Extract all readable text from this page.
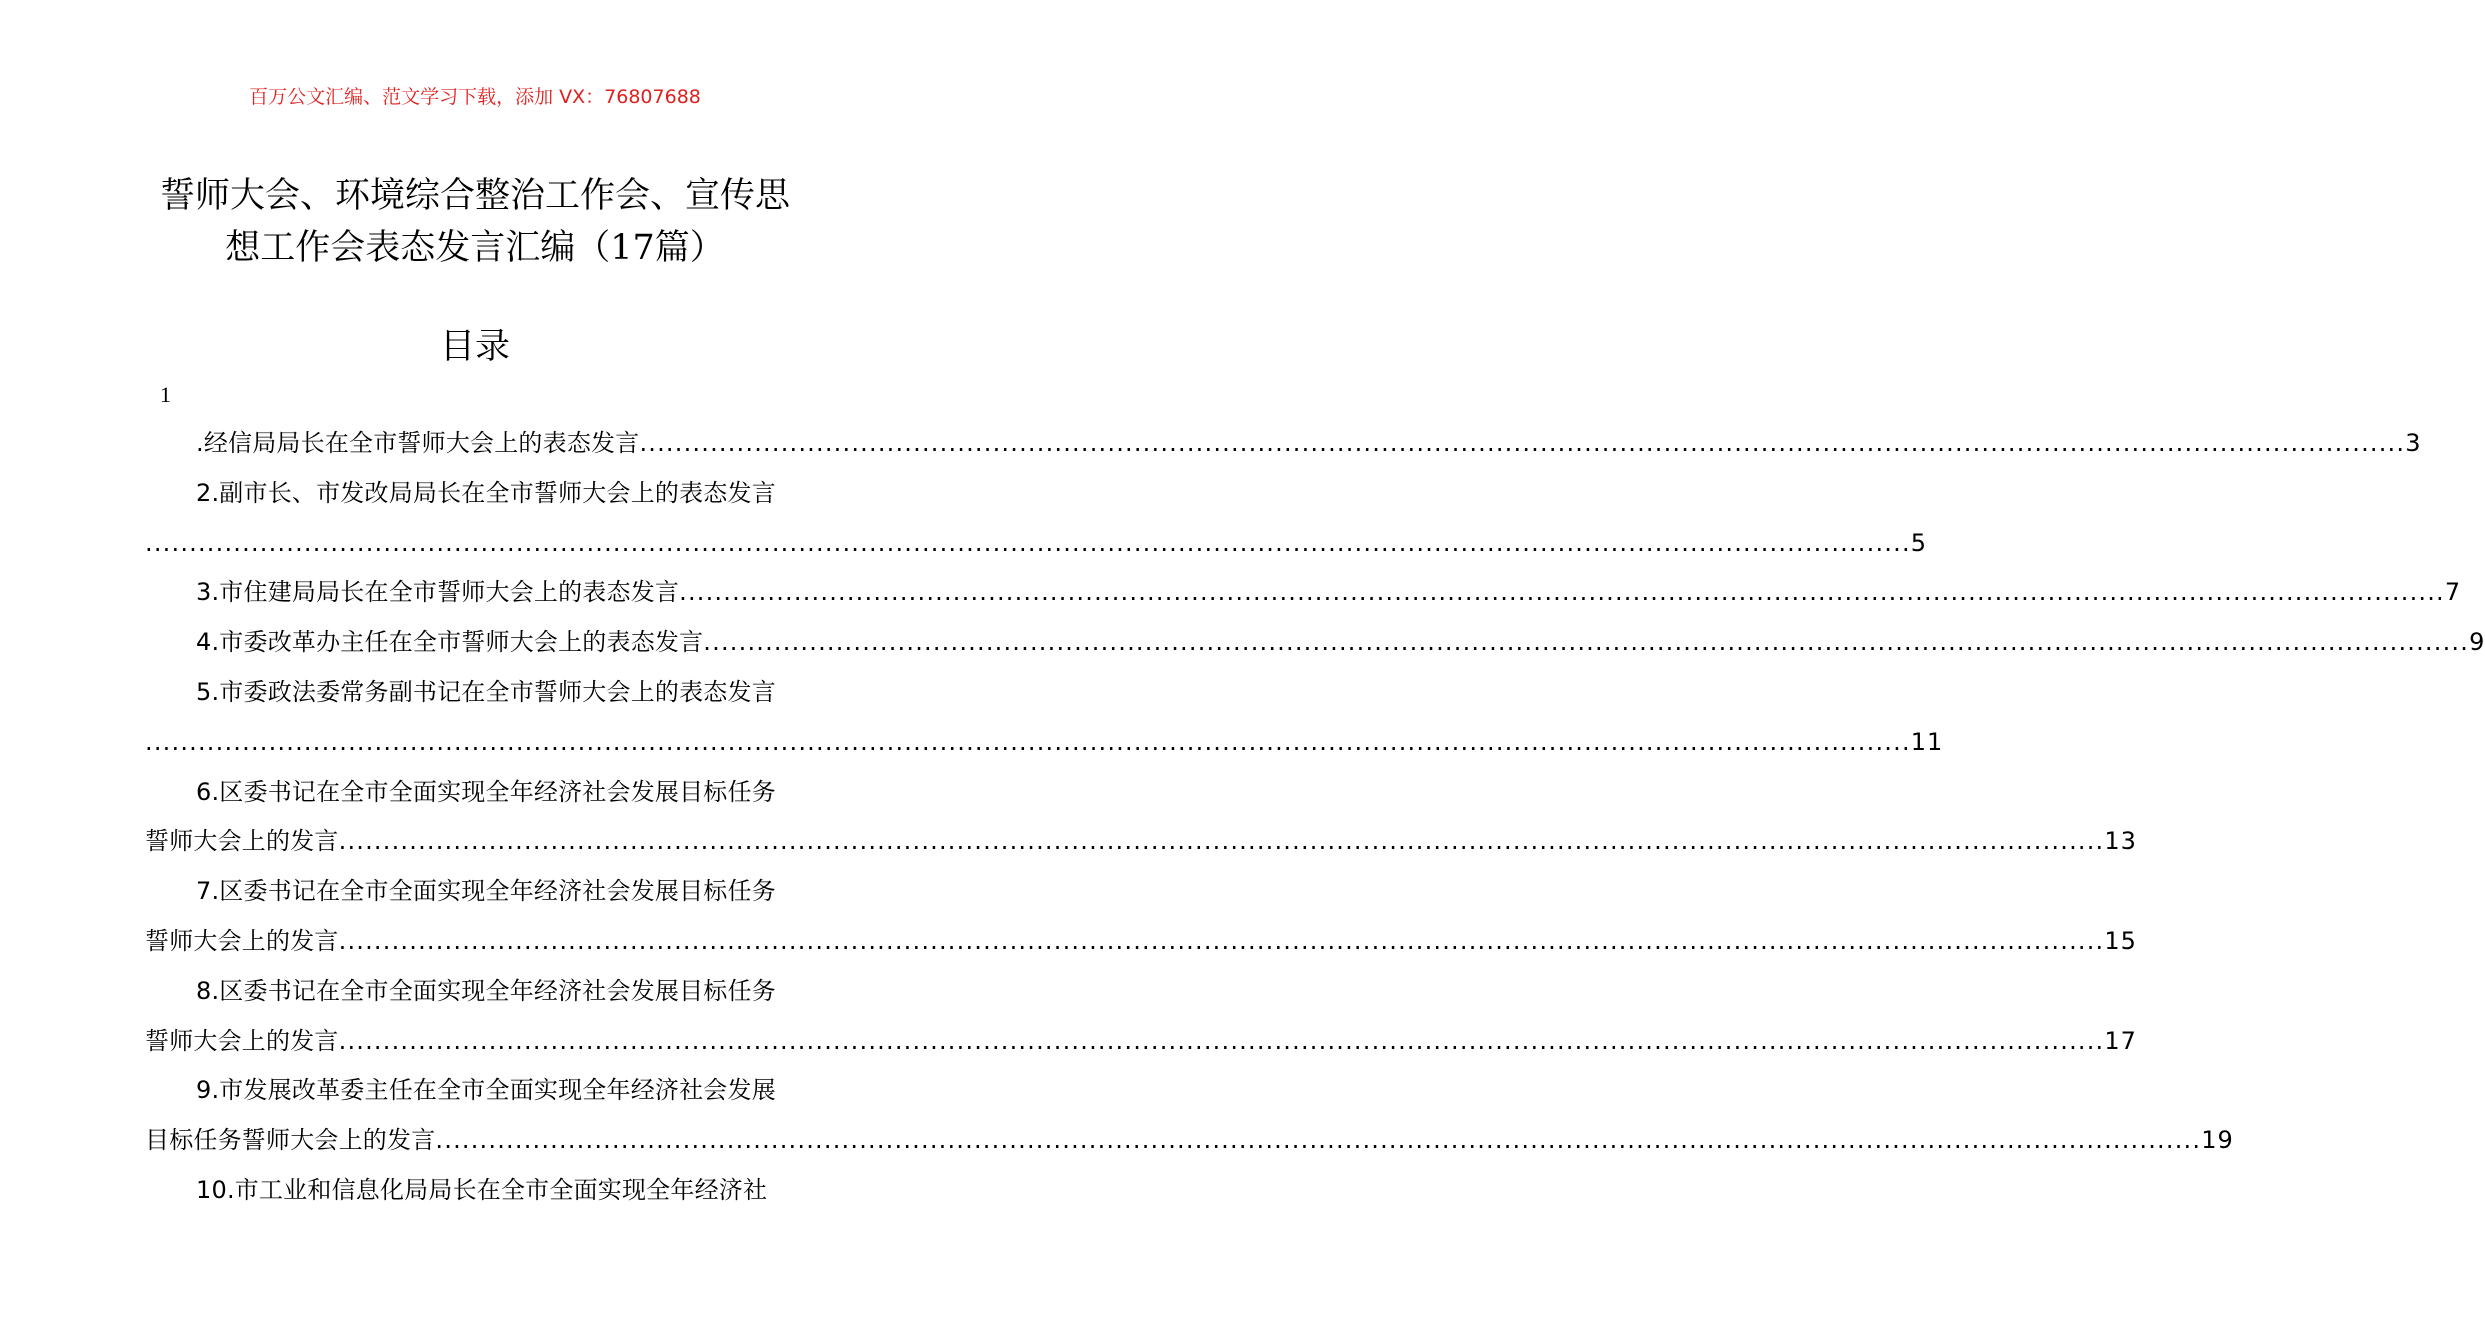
百万公文汇编、范文学习下载，添加 VX：76807688
誓师大会、环境综合整治工作会、宣传思
想工作会表态发言汇编（17篇）
目录
1
.经信局局长在全市誓师大会上的表态发言 ........................................................................................................................................................................................................ 3
2.副市长、市发改局局长在全市誓师大会上的表态发言
........................................................................................................................................................................................................ 5
3.市住建局局长在全市誓师大会上的表态发言 ........................................................................................................................................................................................................ 7
4.市委改革办主任在全市誓师大会上的表态发言 ........................................................................................................................................................................................................ 9
5.市委政法委常务副书记在全市誓师大会上的表态发言
........................................................................................................................................................................................................ 11
6.区委书记在全市全面实现全年经济社会发展目标任务
誓师大会上的发言 ........................................................................................................................................................................................................ 13
7.区委书记在全市全面实现全年经济社会发展目标任务
誓师大会上的发言 ........................................................................................................................................................................................................ 15
8.区委书记在全市全面实现全年经济社会发展目标任务
誓师大会上的发言 ........................................................................................................................................................................................................ 17
9.市发展改革委主任在全市全面实现全年经济社会发展
目标任务誓师大会上的发言 ........................................................................................................................................................................................................ 19
10.市工业和信息化局局长在全市全面实现全年经济社
